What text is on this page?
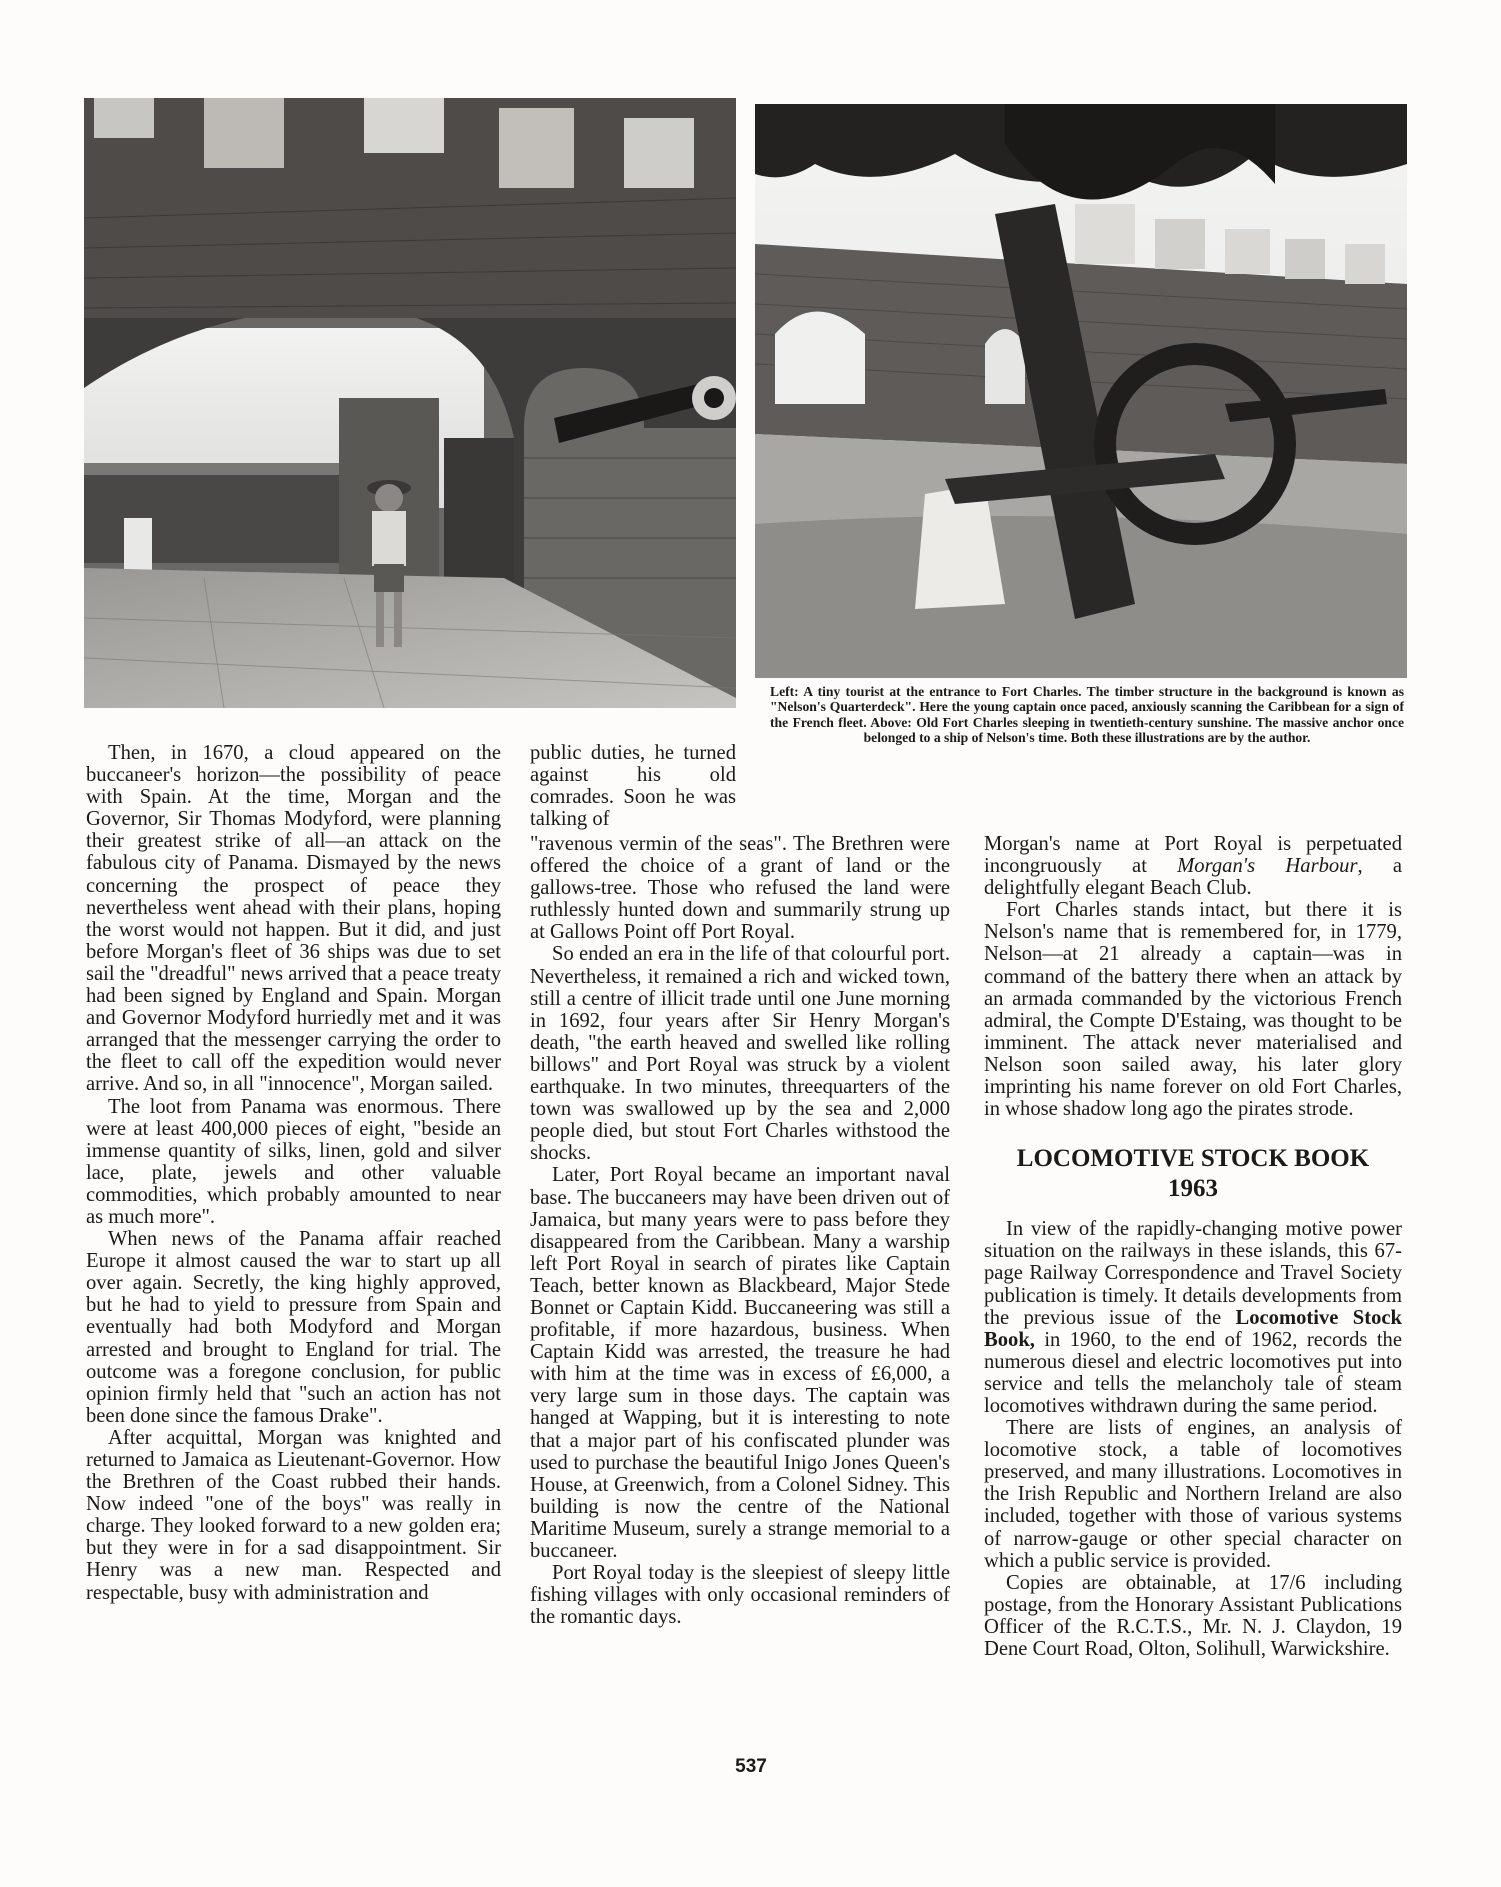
Left: A tiny tourist at the entrance to Fort Charles. The timber structure in the background is known as "Nelson's Quarterdeck". Here the young captain once paced, anxiously scanning the Caribbean for a sign of the French fleet. Above: Old Fort Charles sleeping in twentieth-century sunshine. The massive anchor once belonged to a ship of Nelson's time. Both these illustrations are by the author.

Then, in 1670, a cloud appeared on the buccaneer's horizon—the possibility of peace with Spain. At the time, Morgan and the Governor, Sir Thomas Modyford, were planning their greatest strike of all—an attack on the fabulous city of Panama. Dismayed by the news concerning the prospect of peace they nevertheless went ahead with their plans, hoping the worst would not happen. But it did, and just before Morgan's fleet of 36 ships was due to set sail the "dreadful" news arrived that a peace treaty had been signed by England and Spain. Morgan and Governor Modyford hurriedly met and it was arranged that the messenger carrying the order to the fleet to call off the expedition would never arrive. And so, in all "innocence", Morgan sailed.

The loot from Panama was enormous. There were at least 400,000 pieces of eight, "beside an immense quantity of silks, linen, gold and silver lace, plate, jewels and other valuable commodities, which probably amounted to near as much more".

When news of the Panama affair reached Europe it almost caused the war to start up all over again. Secretly, the king highly approved, but he had to yield to pressure from Spain and eventually had both Modyford and Morgan arrested and brought to England for trial. The outcome was a foregone conclusion, for public opinion firmly held that "such an action has not been done since the famous Drake".

After acquittal, Morgan was knighted and returned to Jamaica as Lieutenant-Governor. How the Brethren of the Coast rubbed their hands. Now indeed "one of the boys" was really in charge. They looked forward to a new golden era; but they were in for a sad disappointment. Sir Henry was a new man. Respected and respectable, busy with administration and

public duties, he turned against his old comrades. Soon he was talking of

"ravenous vermin of the seas". The Brethren were offered the choice of a grant of land or the gallows-tree. Those who refused the land were ruthlessly hunted down and summarily strung up at Gallows Point off Port Royal.

So ended an era in the life of that colourful port. Nevertheless, it remained a rich and wicked town, still a centre of illicit trade until one June morning in 1692, four years after Sir Henry Morgan's death, "the earth heaved and swelled like rolling billows" and Port Royal was struck by a violent earthquake. In two minutes, threequarters of the town was swallowed up by the sea and 2,000 people died, but stout Fort Charles withstood the shocks.

Later, Port Royal became an important naval base. The buccaneers may have been driven out of Jamaica, but many years were to pass before they disappeared from the Caribbean. Many a warship left Port Royal in search of pirates like Captain Teach, better known as Blackbeard, Major Stede Bonnet or Captain Kidd. Buccaneering was still a profitable, if more hazardous, business. When Captain Kidd was arrested, the treasure he had with him at the time was in excess of £6,000, a very large sum in those days. The captain was hanged at Wapping, but it is interesting to note that a major part of his confiscated plunder was used to purchase the beautiful Inigo Jones Queen's House, at Greenwich, from a Colonel Sidney. This building is now the centre of the National Maritime Museum, surely a strange memorial to a buccaneer.

Port Royal today is the sleepiest of sleepy little fishing villages with only occasional reminders of the romantic days.

Morgan's name at Port Royal is perpetuated incongruously at Morgan's Harbour, a delightfully elegant Beach Club.

Fort Charles stands intact, but there it is Nelson's name that is remembered for, in 1779, Nelson—at 21 already a captain—was in command of the battery there when an attack by an armada commanded by the victorious French admiral, the Compte D'Estaing, was thought to be imminent. The attack never materialised and Nelson soon sailed away, his later glory imprinting his name forever on old Fort Charles, in whose shadow long ago the pirates strode.

LOCOMOTIVE STOCK BOOK
1963

In view of the rapidly-changing motive power situation on the railways in these islands, this 67-page Railway Correspondence and Travel Society publication is timely. It details developments from the previous issue of the Locomotive Stock Book, in 1960, to the end of 1962, records the numerous diesel and electric locomotives put into service and tells the melancholy tale of steam locomotives withdrawn during the same period.

There are lists of engines, an analysis of locomotive stock, a table of locomotives preserved, and many illustrations. Locomotives in the Irish Republic and Northern Ireland are also included, together with those of various systems of narrow-gauge or other special character on which a public service is provided.

Copies are obtainable, at 17/6 including postage, from the Honorary Assistant Publications Officer of the R.C.T.S., Mr. N. J. Claydon, 19 Dene Court Road, Olton, Solihull, Warwickshire.

537
